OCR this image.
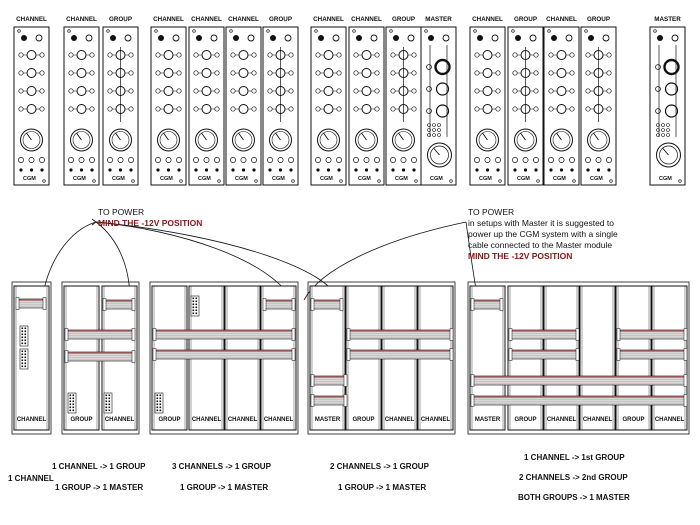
CGM	CGM	CGM	CGM	CGM	CGM	CGM	CGM	CGM	CGM	CGM	CGM	CGM	CGM	CGM	CGM
CHANNEL	CHANNEL GROUP	CHANNEL CHANNEL CHANNEL GROUP	CHANNEL CHANNEL GROUP MASTER	CHANNEL GROUP CHANNEL GROUP	MASTER
CHANNEL	GROUP CHANNEL	GROUP CHANNEL CHANNEL CHANNEL	MASTER GROUP CHANNEL CHANNEL	MASTER GROUP CHANNEL CHANNEL GROUP CHANNEL
TO POWER
MIND THE -12V POSITION
TO POWER
in setups with Master it is suggested to
power up the CGM system with a single
cable connected to the Master module
MIND THE -12V POSITION
1 CHANNEL
1 CHANNEL -> 1 GROUP
1 GROUP -> 1 MASTER
3 CHANNELS -> 1 GROUP
1 GROUP -> 1 MASTER
2 CHANNELS -> 1 GROUP
1 GROUP -> 1 MASTER
1 CHANNEL -> 1st GROUP
2 CHANNELS -> 2nd GROUP
BOTH GROUPS -> 1 MASTER
